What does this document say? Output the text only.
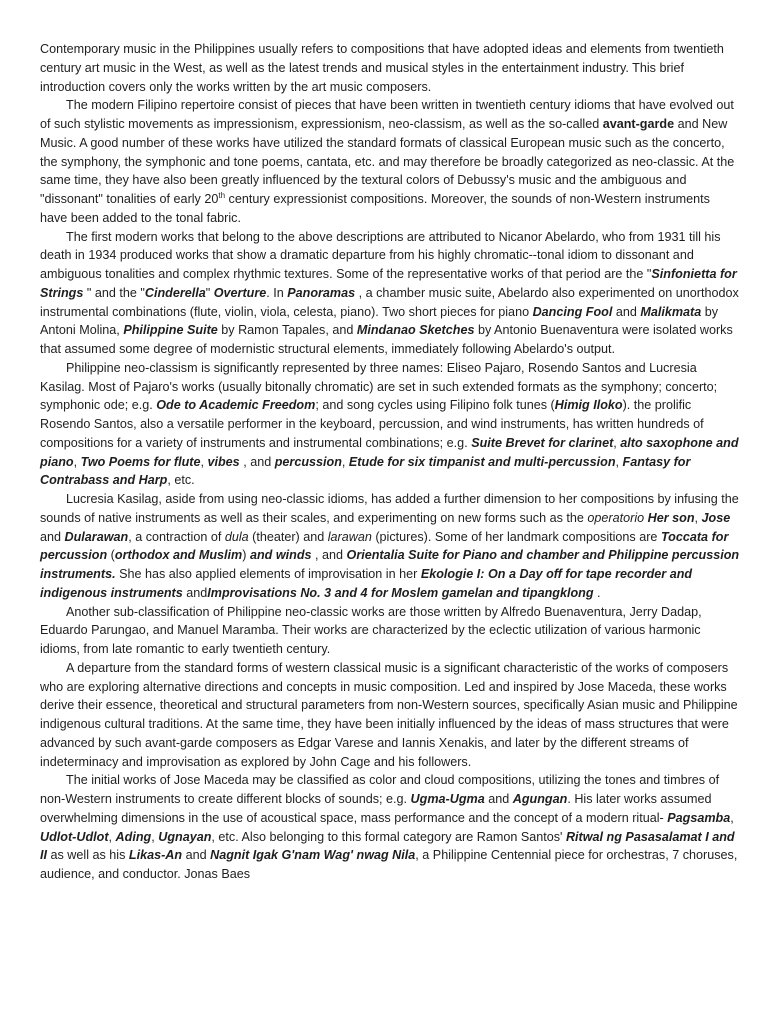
Contemporary music in the Philippines usually refers to compositions that have adopted ideas and elements from twentieth century art music in the West, as well as the latest trends and musical styles in the entertainment industry. This brief introduction covers only the works written by the art music composers.

The modern Filipino repertoire consist of pieces that have been written in twentieth century idioms that have evolved out of such stylistic movements as impressionism, expressionism, neo-classism, as well as the so-called avant-garde and New Music. A good number of these works have utilized the standard formats of classical European music such as the concerto, the symphony, the symphonic and tone poems, cantata, etc. and may therefore be broadly categorized as neo-classic. At the same time, they have also been greatly influenced by the textural colors of Debussy's music and the ambiguous and "dissonant" tonalities of early 20th century expressionist compositions. Moreover, the sounds of non-Western instruments have been added to the tonal fabric.

The first modern works that belong to the above descriptions are attributed to Nicanor Abelardo, who from 1931 till his death in 1934 produced works that show a dramatic departure from his highly chromatic--tonal idiom to dissonant and ambiguous tonalities and complex rhythmic textures. Some of the representative works of that period are the "Sinfonietta for Strings " and the "Cinderella" Overture. In Panoramas , a chamber music suite, Abelardo also experimented on unorthodox instrumental combinations (flute, violin, viola, celesta, piano). Two short pieces for piano Dancing Fool and Malikmata by Antoni Molina, Philippine Suite by Ramon Tapales, and Mindanao Sketches by Antonio Buenaventura were isolated works that assumed some degree of modernistic structural elements, immediately following Abelardo's output.

Philippine neo-classism is significantly represented by three names: Eliseo Pajaro, Rosendo Santos and Lucresia Kasilag. Most of Pajaro's works (usually bitonally chromatic) are set in such extended formats as the symphony; concerto; symphonic ode; e.g. Ode to Academic Freedom; and song cycles using Filipino folk tunes (Himig Iloko). the prolific Rosendo Santos, also a versatile performer in the keyboard, percussion, and wind instruments, has written hundreds of compositions for a variety of instruments and instrumental combinations; e.g. Suite Brevet for clarinet, alto saxophone and piano, Two Poems for flute, vibes , and percussion, Etude for six timpanist and multi-percussion, Fantasy for Contrabass and Harp, etc.

Lucresia Kasilag, aside from using neo-classic idioms, has added a further dimension to her compositions by infusing the sounds of native instruments as well as their scales, and experimenting on new forms such as the operatorio Her son, Jose and Dularawan, a contraction of dula (theater) and larawan (pictures). Some of her landmark compositions are Toccata for percussion (orthodox and Muslim) and winds , and Orientalia Suite for Piano and chamber and Philippine percussion instruments. She has also applied elements of improvisation in her Ekologie I: On a Day off for tape recorder and indigenous instruments andImprovisations No. 3 and 4 for Moslem gamelan and tipangklong .

Another sub-classification of Philippine neo-classic works are those written by Alfredo Buenaventura, Jerry Dadap, Eduardo Parungao, and Manuel Maramba. Their works are characterized by the eclectic utilization of various harmonic idioms, from late romantic to early twentieth century.

A departure from the standard forms of western classical music is a significant characteristic of the works of composers who are exploring alternative directions and concepts in music composition. Led and inspired by Jose Maceda, these works derive their essence, theoretical and structural parameters from non-Western sources, specifically Asian music and Philippine indigenous cultural traditions. At the same time, they have been initially influenced by the ideas of mass structures that were advanced by such avant-garde composers as Edgar Varese and Iannis Xenakis, and later by the different streams of indeterminacy and improvisation as explored by John Cage and his followers.

The initial works of Jose Maceda may be classified as color and cloud compositions, utilizing the tones and timbres of non-Western instruments to create different blocks of sounds; e.g. Ugma-Ugma and Agungan. His later works assumed overwhelming dimensions in the use of acoustical space, mass performance and the concept of a modern ritual- Pagsamba, Udlot-Udlot, Ading, Ugnayan, etc. Also belonging to this formal category are Ramon Santos' Ritwal ng Pasasalamat I and II as well as his Likas-An and Nagnit Igak G'nam Wag' nwag Nila, a Philippine Centennial piece for orchestras, 7 choruses, audience, and conductor. Jonas Baes
